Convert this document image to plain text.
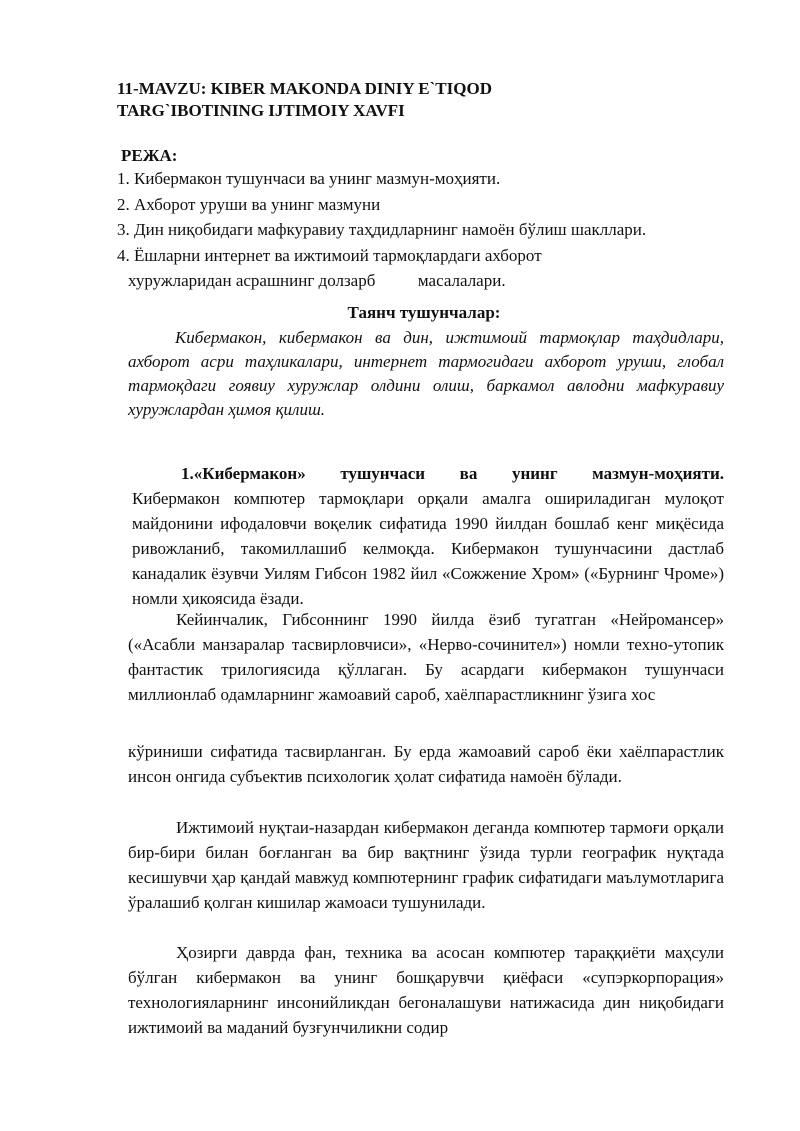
11-MAVZU: KIBER MAKONDA DINIY E`TIQOD
TARG`IBOTINING IJTIMOIY XAVFI
РЕЖА:
1. Кибермакон тушунчаси ва унинг мазмун-моҳияти.
2. Ахборот уруши ва унинг мазмуни
3. Дин ниқобидаги мафкуравиу таҳдидларнинг намоён бўлиш шакллари.
4. Ёшларни интернет ва ижтимоий тармоқлардаги ахборот
хуружларидан асрашнинг долзарб          масалалари.
Таянч тушунчалар:
Кибермакон, кибермакон ва дин, ижтимоий тармоқлар таҳдидлари, ахборот асри таҳликалари, интернет тармогидаги ахборот уруши, глобал тармоқдаги гоявиу хуружлар олдини олиш, баркамол авлодни мафкуравиу хуружлардан ҳимоя қилиш.
1.«Кибермакон» тушунчаси ва унинг мазмун-моҳияти.
Кибермакон компютер тармоқлари орқали амалга ошириладиган мулоқот майдонини ифодаловчи воқелик сифатида 1990 йилдан бошлаб кенг миқёсида ривожланиб, такомиллашиб келмоқда. Кибермакон тушунчасини дастлаб канадалик ёзувчи Уилям Гибсон 1982 йил «Сожжение Хром» («Бурнинг Чроме») номли ҳикоясида ёзади.
Кейинчалик, Гибсоннинг 1990 йилда ёзиб тугатган «Нейромансер» («Асабли манзаралар тасвирловчиси», «Нерво-сочинител») номли техно-утопик фантастик трилогиясида қўллаган. Бу асардаги кибермакон тушунчаси миллионлаб одамларнинг жамоавий сароб, хаёлпарастликнинг ўзига хос
кўриниши сифатида тасвирланган. Бу ерда жамоавий сароб ёки хаёлпарастлик инсон онгида субъектив психологик ҳолат сифатида намоён бўлади.
Ижтимоий нуқтаи-назардан кибермакон деганда компютер тармоғи орқали бир-бири билан боғланган ва бир вақтнинг ўзида турли географик нуқтада кесишувчи ҳар қандай мавжуд компютернинг график сифатидаги маълумотларига ўралашиб қолган кишилар жамоаси тушунилади.
Ҳозирги даврда фан, техника ва асосан компютер тараққиёти маҳсули бўлган кибермакон ва унинг бошқарувчи қиёфаси «супэркорпорация» технологияларнинг инсонийликдан бегоналашуви натижасида дин ниқобидаги ижтимоий ва маданий бузғунчиликни содир
